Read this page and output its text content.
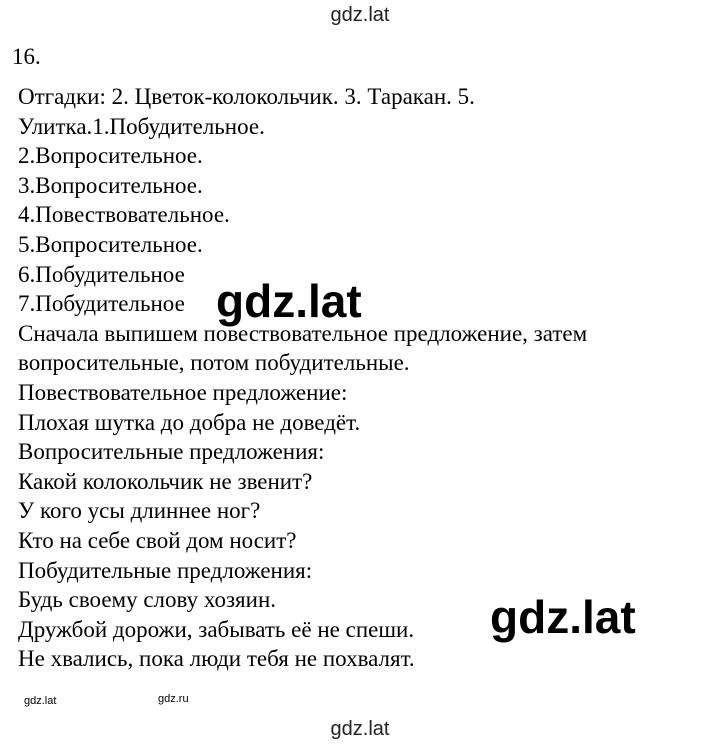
gdz.lat
16.
Отгадки: 2. Цветок-колокольчик. 3. Таракан. 5.
Улитка.1.Побудительное.
2.Вопросительное.
3.Вопросительное.
4.Повествовательное.
5.Вопросительное.
6.Побудительное
7.Побудительное
Сначала выпишем повествовательное предложение, затем
вопросительные, потом побудительные.
Повествовательное предложение:
Плохая шутка до добра не доведёт.
Вопросительные предложения:
Какой колокольчик не звенит?
У кого усы длиннее ног?
Кто на себе свой дом носит?
Побудительные предложения:
Будь своему слову хозяин.
Дружбой дорожи, забывать её не спеши.
Не хвались, пока люди тебя не похвалят.
gdz.lat
gdz.lat
gdz.lat	gdz.ru
gdz.lat
